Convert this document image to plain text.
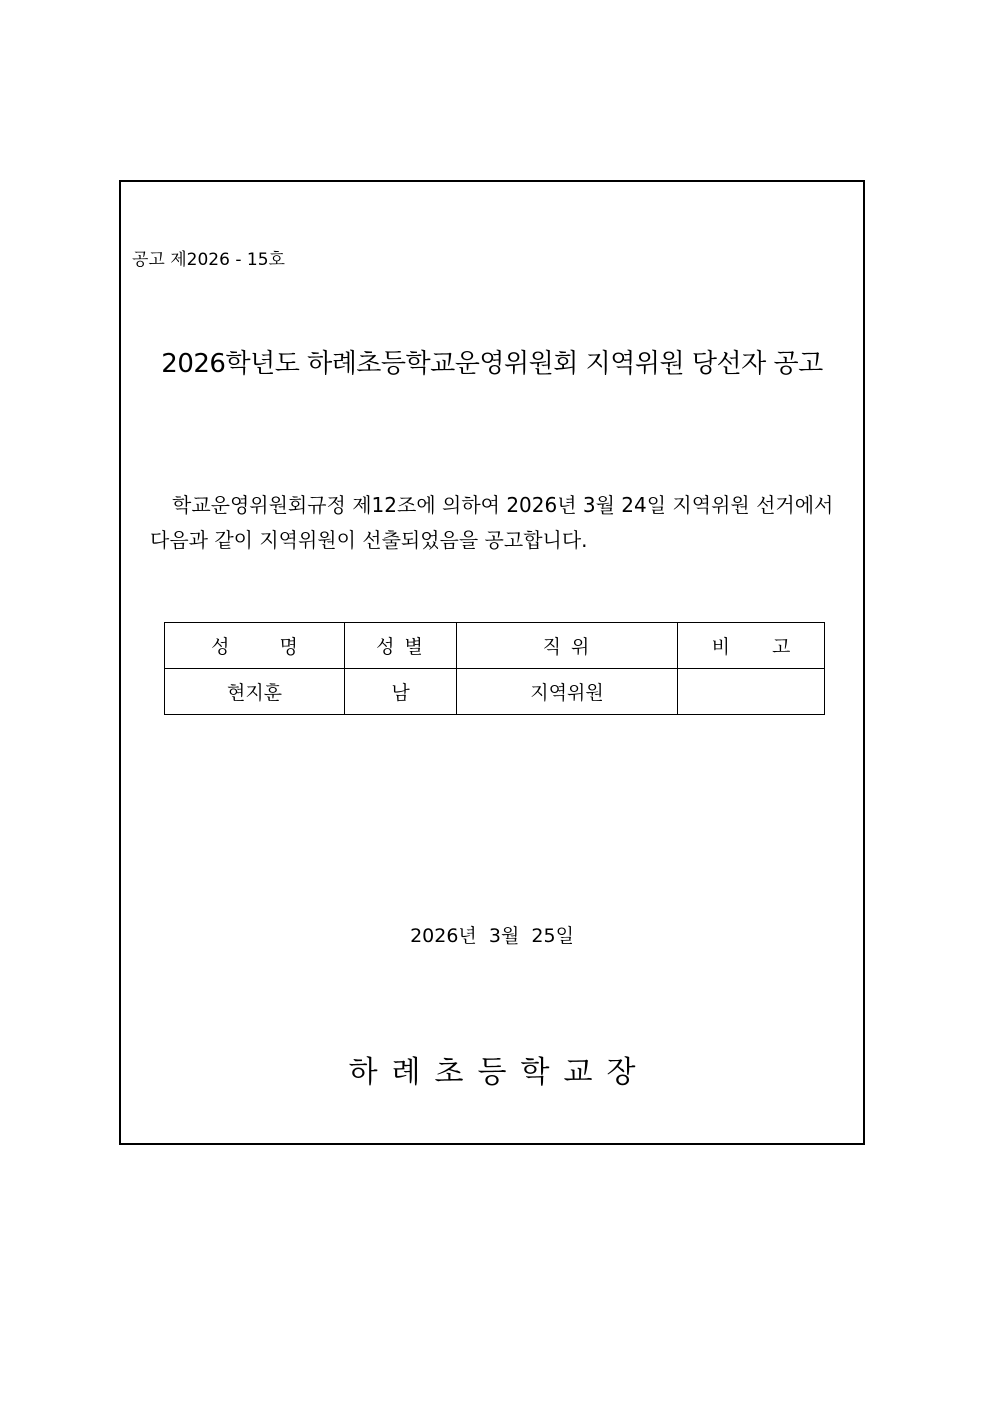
공고 제2026 - 15호
2026학년도 하례초등학교운영위원회 지역위원 당선자 공고
학교운영위원회규정 제12조에 의하여 2026년 3월 24일 지역위원 선거에서
다음과 같이 지역위원이 선출되었음을 공고합니다.
성 명	성 별	직 위	비 고
현지훈	남	지역위원	
2026년  3월  25일
하례초등학교장
